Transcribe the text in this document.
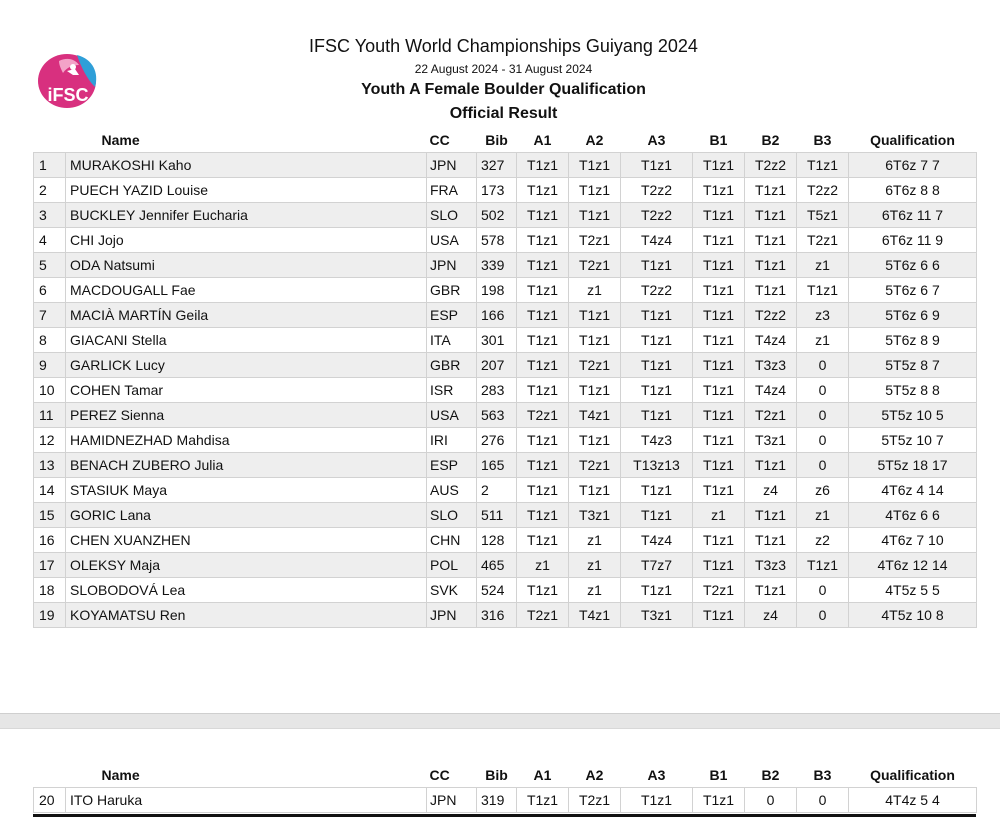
iFSC
IFSC Youth World Championships Guiyang 2024
22 August 2024 - 31 August 2024
Youth A Female Boulder Qualification
Official Result
	Name	CC	Bib	A1	A2	A3	B1	B2	B3	Qualification
1	MURAKOSHI Kaho	JPN	327	T1z1	T1z1	T1z1	T1z1	T2z2	T1z1	6T6z 7 7
2	PUECH YAZID Louise	FRA	173	T1z1	T1z1	T2z2	T1z1	T1z1	T2z2	6T6z 8 8
3	BUCKLEY Jennifer Eucharia	SLO	502	T1z1	T1z1	T2z2	T1z1	T1z1	T5z1	6T6z 11 7
4	CHI Jojo	USA	578	T1z1	T2z1	T4z4	T1z1	T1z1	T2z1	6T6z 11 9
5	ODA Natsumi	JPN	339	T1z1	T2z1	T1z1	T1z1	T1z1	z1	5T6z 6 6
6	MACDOUGALL Fae	GBR	198	T1z1	z1	T2z2	T1z1	T1z1	T1z1	5T6z 6 7
7	MACIÀ MARTÍN Geila	ESP	166	T1z1	T1z1	T1z1	T1z1	T2z2	z3	5T6z 6 9
8	GIACANI Stella	ITA	301	T1z1	T1z1	T1z1	T1z1	T4z4	z1	5T6z 8 9
9	GARLICK Lucy	GBR	207	T1z1	T2z1	T1z1	T1z1	T3z3	0	5T5z 8 7
10	COHEN Tamar	ISR	283	T1z1	T1z1	T1z1	T1z1	T4z4	0	5T5z 8 8
11	PEREZ Sienna	USA	563	T2z1	T4z1	T1z1	T1z1	T2z1	0	5T5z 10 5
12	HAMIDNEZHAD Mahdisa	IRI	276	T1z1	T1z1	T4z3	T1z1	T3z1	0	5T5z 10 7
13	BENACH ZUBERO Julia	ESP	165	T1z1	T2z1	T13z13	T1z1	T1z1	0	5T5z 18 17
14	STASIUK Maya	AUS	2	T1z1	T1z1	T1z1	T1z1	z4	z6	4T6z 4 14
15	GORIC Lana	SLO	511	T1z1	T3z1	T1z1	z1	T1z1	z1	4T6z 6 6
16	CHEN XUANZHEN	CHN	128	T1z1	z1	T4z4	T1z1	T1z1	z2	4T6z 7 10
17	OLEKSY Maja	POL	465	z1	z1	T7z7	T1z1	T3z3	T1z1	4T6z 12 14
18	SLOBODOVÁ Lea	SVK	524	T1z1	z1	T1z1	T2z1	T1z1	0	4T5z 5 5
19	KOYAMATSU Ren	JPN	316	T2z1	T4z1	T3z1	T1z1	z4	0	4T5z 10 8
	Name	CC	Bib	A1	A2	A3	B1	B2	B3	Qualification
20	ITO Haruka	JPN	319	T1z1	T2z1	T1z1	T1z1	0	0	4T4z 5 4
